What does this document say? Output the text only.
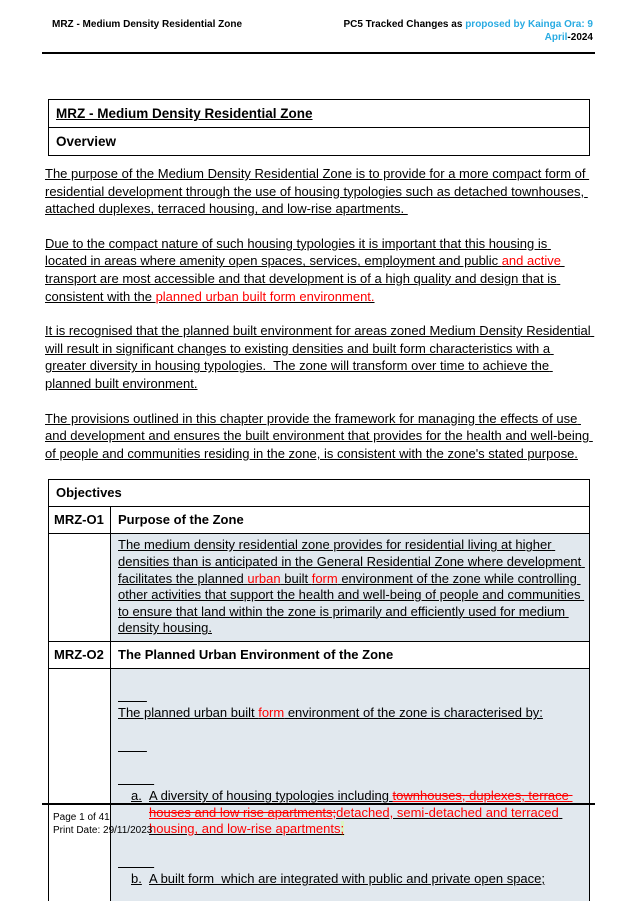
MRZ - Medium Density Residential Zone	PC5 Tracked Changes as proposed by Kainga Ora: 9
April-2024
MRZ - Medium Density Residential Zone
Overview
The purpose of the Medium Density Residential Zone is to provide for a more compact form of residential development through the use of housing typologies such as detached townhouses, attached duplexes, terraced housing, and low-rise apartments.
Due to the compact nature of such housing typologies it is important that this housing is located in areas where amenity open spaces, services, employment and public and active transport are most accessible and that development is of a high quality and design that is consistent with the planned urban built form environment.
It is recognised that the planned built environment for areas zoned Medium Density Residential will result in significant changes to existing densities and built form characteristics with a greater diversity in housing typologies.  The zone will transform over time to achieve the planned built environment.
The provisions outlined in this chapter provide the framework for managing the effects of use and development and ensures the built environment that provides for the health and well-being of people and communities residing in the zone, is consistent with the zone's stated purpose.
Objectives
MRZ-O1	Purpose of the Zone
The medium density residential zone provides for residential living at higher densities than is anticipated in the General Residential Zone where development facilitates the planned urban built form environment of the zone while controlling other activities that support the health and well-being of people and communities to ensure that land within the zone is primarily and efficiently used for medium density housing.
MRZ-O2	The Planned Urban Environment of the Zone

The planned urban built form environment of the zone is characterised by:

a. A diversity of housing typologies including townhouses, duplexes, terrace houses and low rise apartments;detached, semi-detached and terraced housing, and low-rise apartments;

b. A built form  which are integrated with public and private open space;

Page 1 of 41
Print Date: 29/11/2023
